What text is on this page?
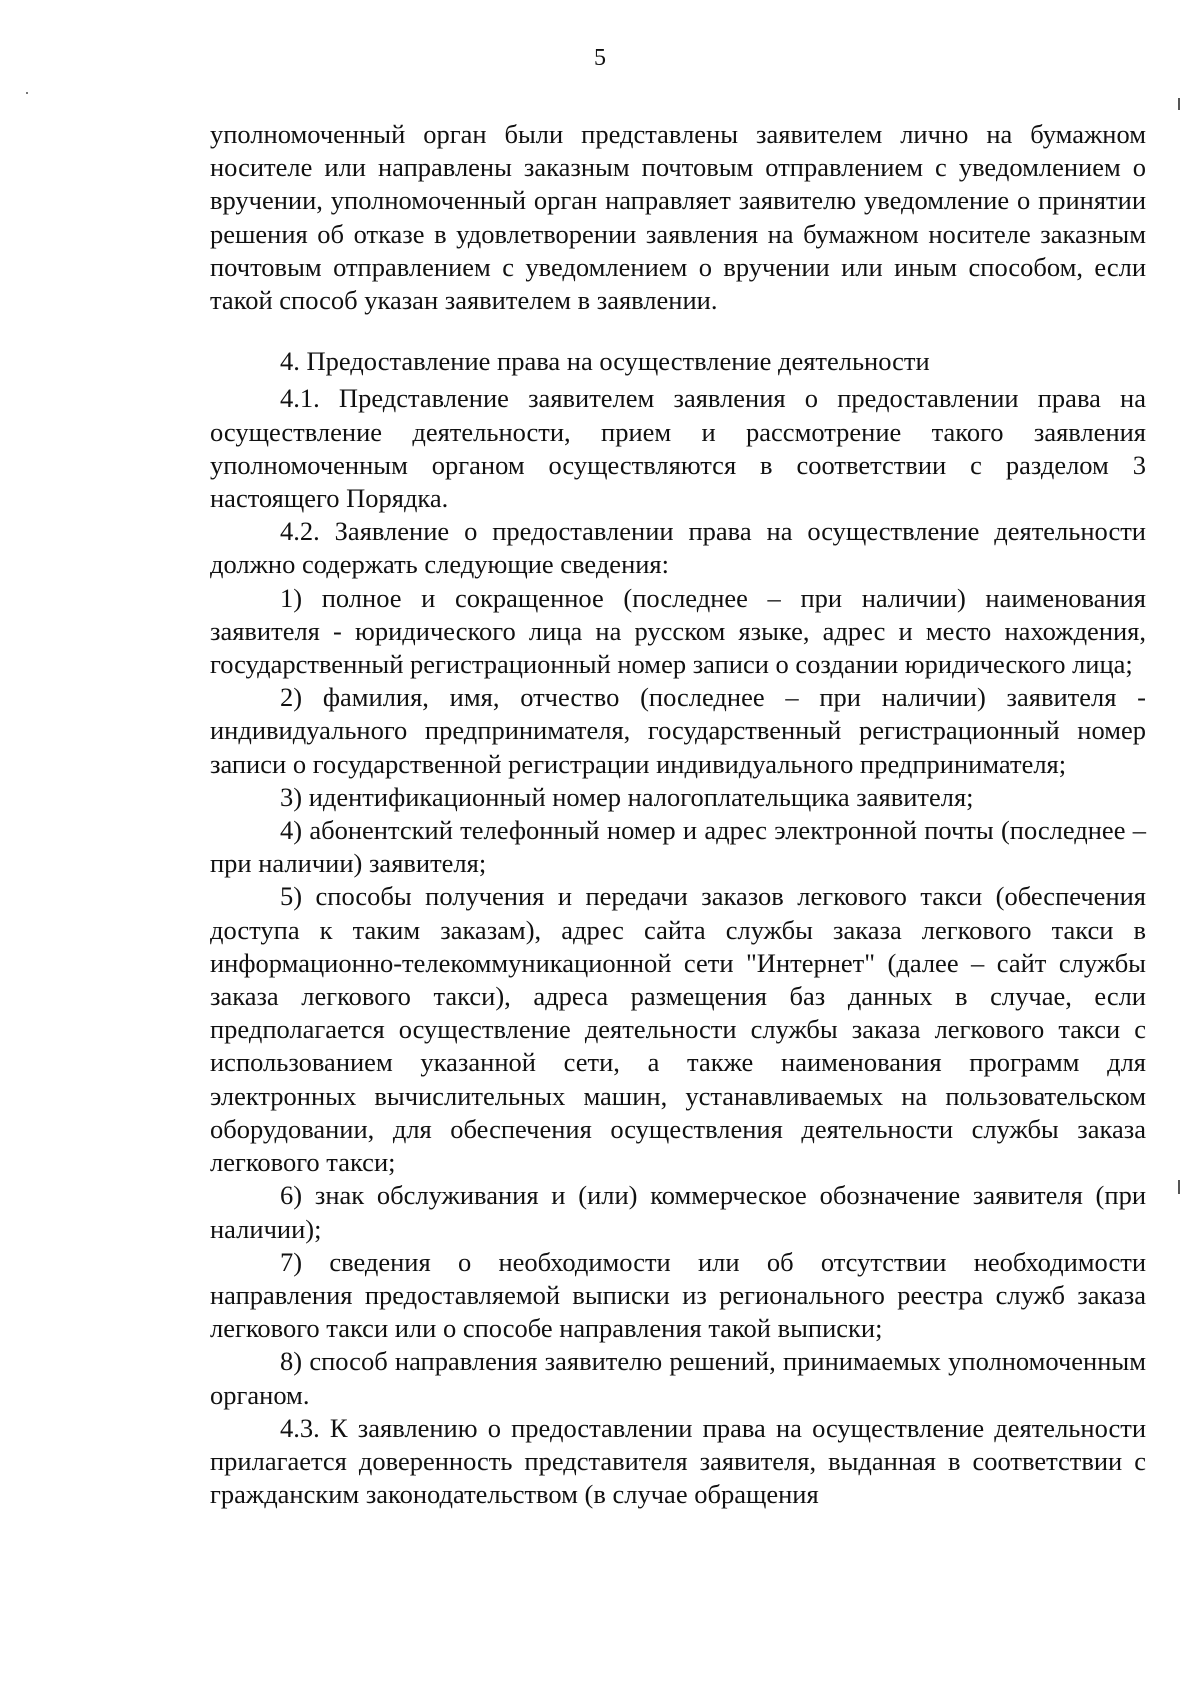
5

уполномоченный орган были представлены заявителем лично на бумажном носителе или направлены заказным почтовым отправлением с уведомлением о вручении, уполномоченный орган направляет заявителю уведомление о принятии решения об отказе в удовлетворении заявления на бумажном носителе заказным почтовым отправлением с уведомлением о вручении или иным способом, если такой способ указан заявителем в заявлении.

4. Предоставление права на осуществление деятельности

4.1. Представление заявителем заявления о предоставлении права на осуществление деятельности, прием и рассмотрение такого заявления уполномоченным органом осуществляются в соответствии с разделом 3 настоящего Порядка.

4.2. Заявление о предоставлении права на осуществление деятельности должно содержать следующие сведения:

1) полное и сокращенное (последнее – при наличии) наименования заявителя - юридического лица на русском языке, адрес и место нахождения, государственный регистрационный номер записи о создании юридического лица;

2) фамилия, имя, отчество (последнее – при наличии) заявителя - индивидуального предпринимателя, государственный регистрационный номер записи о государственной регистрации индивидуального предпринимателя;

3) идентификационный номер налогоплательщика заявителя;

4) абонентский телефонный номер и адрес электронной почты (последнее – при наличии) заявителя;

5) способы получения и передачи заказов легкового такси (обеспечения доступа к таким заказам), адрес сайта службы заказа легкового такси в информационно-телекоммуникационной сети "Интернет" (далее – сайт службы заказа легкового такси), адреса размещения баз данных в случае, если предполагается осуществление деятельности службы заказа легкового такси с использованием указанной сети, а также наименования программ для электронных вычислительных машин, устанавливаемых на пользовательском оборудовании, для обеспечения осуществления деятельности службы заказа легкового такси;

6) знак обслуживания и (или) коммерческое обозначение заявителя (при наличии);

7) сведения о необходимости или об отсутствии необходимости направления предоставляемой выписки из регионального реестра служб заказа легкового такси или о способе направления такой выписки;

8) способ направления заявителю решений, принимаемых уполномоченным органом.

4.3. К заявлению о предоставлении права на осуществление деятельности прилагается доверенность представителя заявителя, выданная в соответствии с гражданским законодательством (в случае обращения
